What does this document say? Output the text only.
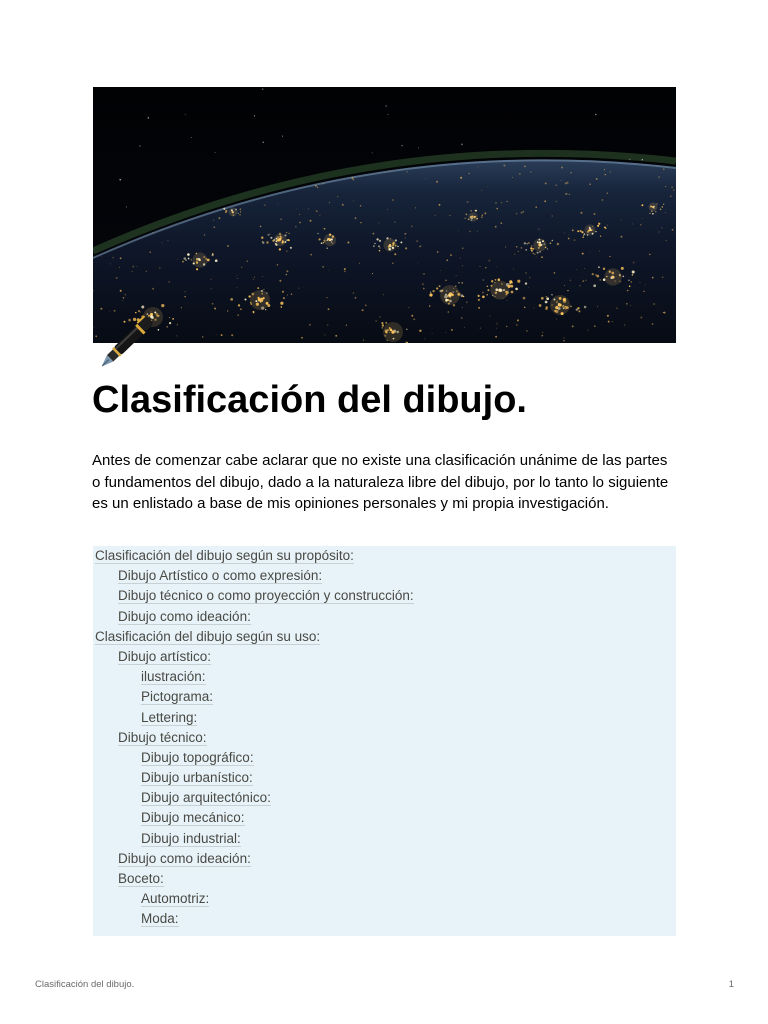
Clasificación del dibujo.

Antes de comenzar cabe aclarar que no existe una clasificación unánime de las partes o fundamentos del dibujo, dado a la naturaleza libre del dibujo, por lo tanto lo siguiente es un enlistado a base de mis opiniones personales y mi propia investigación.

Clasificación del dibujo según su propósito:
Dibujo Artístico o como expresión:
Dibujo técnico o como proyección y construcción:
Dibujo como ideación:
Clasificación del dibujo según su uso:
Dibujo artístico:
ilustración:
Pictograma:
Lettering:
Dibujo técnico:
Dibujo topográfico:
Dibujo urbanístico:
Dibujo arquitectónico:
Dibujo mecánico:
Dibujo industrial:
Dibujo como ideación:
Boceto:
Automotriz:
Moda:
Clasificación del dibujo.	1
